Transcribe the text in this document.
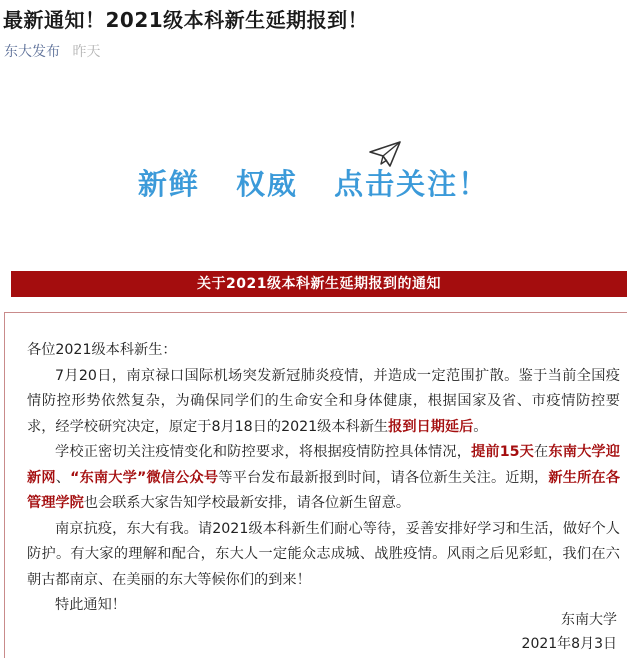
最新通知！2021级本科新生延期报到！
东大发布 昨天
新鲜 权威 点击关注！
关于2021级本科新生延期报到的通知

各位2021级本科新生：

7月20日，南京禄口国际机场突发新冠肺炎疫情，并造成一定范围扩散。鉴于当前全国疫情防控形势依然复杂，为确保同学们的生命安全和身体健康，根据国家及省、市疫情防控要求，经学校研究决定，原定于8月18日的2021级本科新生报到日期延后。

学校正密切关注疫情变化和防控要求，将根据疫情防控具体情况，提前15天在东南大学迎新网、“东南大学”微信公众号等平台发布最新报到时间，请各位新生关注。近期，新生所在各管理学院也会联系大家告知学校最新安排，请各位新生留意。

南京抗疫，东大有我。请2021级本科新生们耐心等待，妥善安排好学习和生活，做好个人防护。有大家的理解和配合，东大人一定能众志成城、战胜疫情。风雨之后见彩虹，我们在六朝古都南京、在美丽的东大等候你们的到来！

特此通知！

东南大学
2021年8月3日
